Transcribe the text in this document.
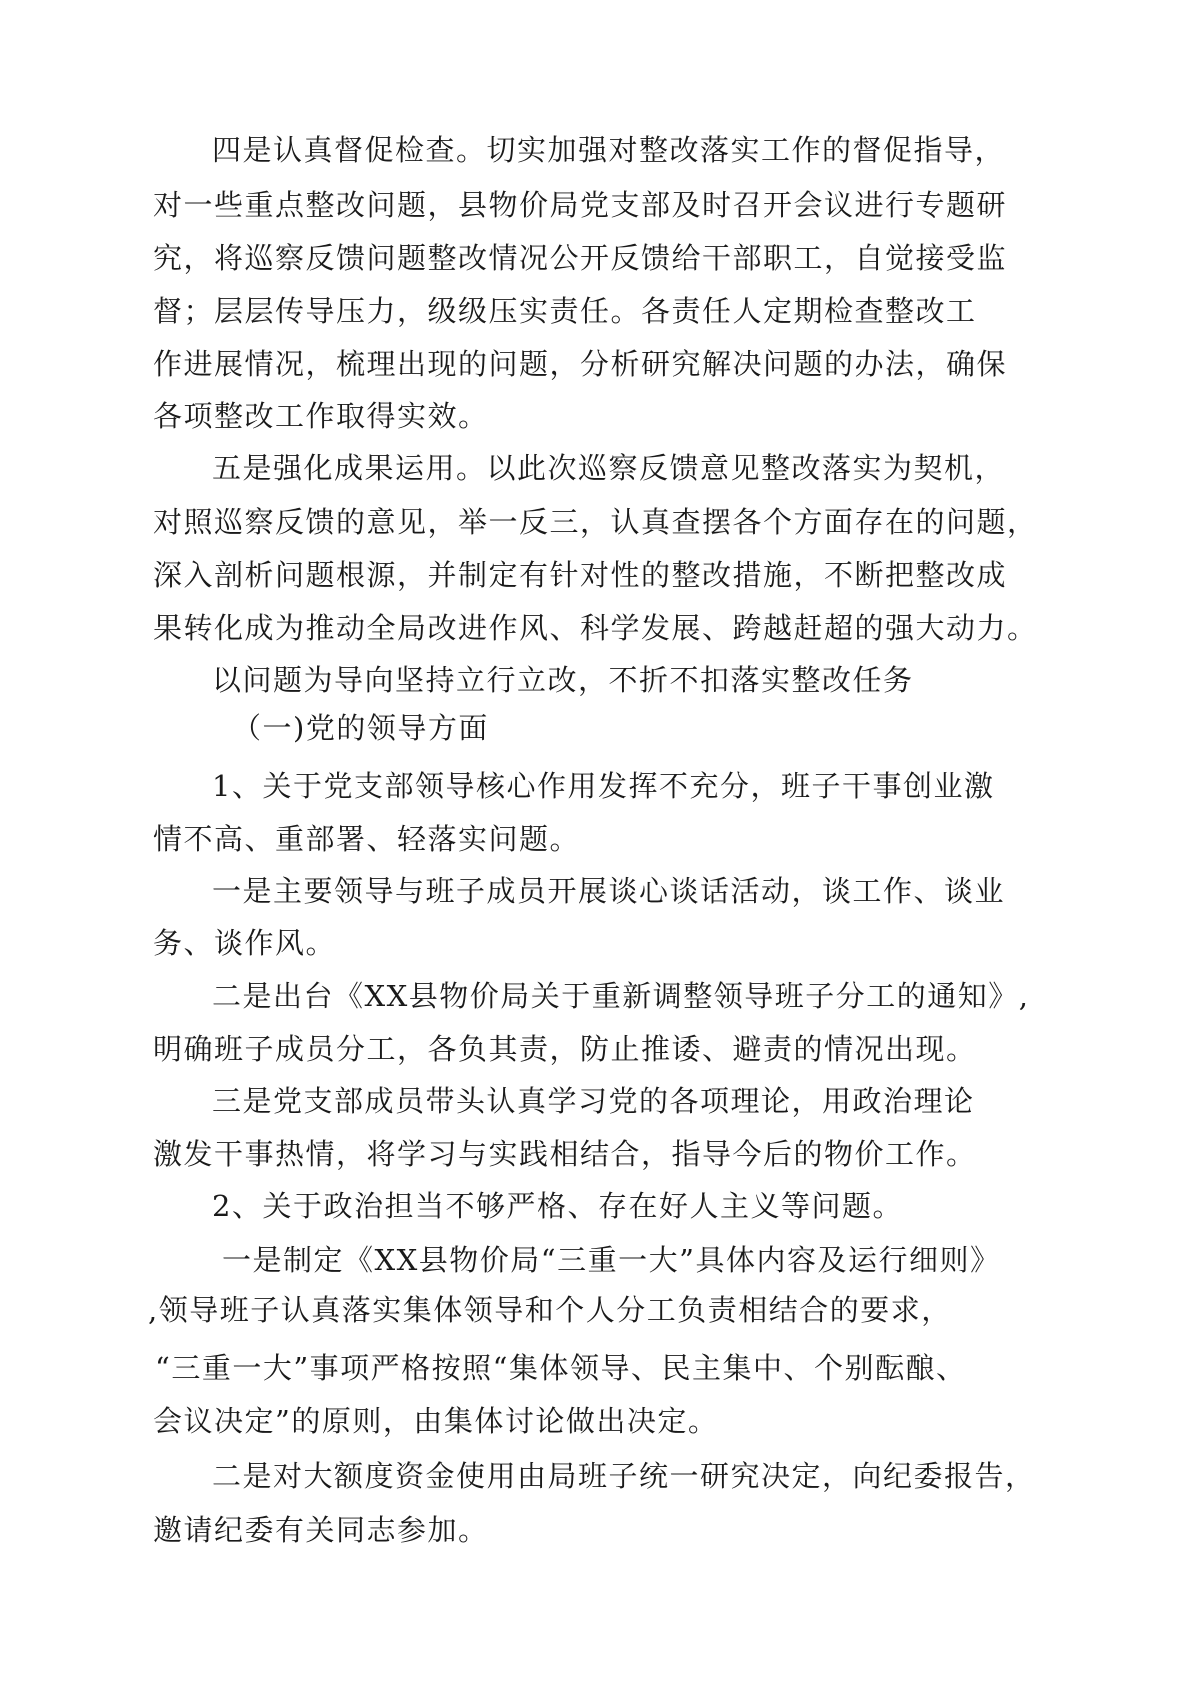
四是认真督促检查。切实加强对整改落实工作的督促指导，
对一些重点整改问题，县物价局党支部及时召开会议进行专题研
究，将巡察反馈问题整改情况公开反馈给干部职工，自觉接受监
督；层层传导压力，级级压实责任。各责任人定期检查整改工
作进展情况，梳理出现的问题，分析研究解决问题的办法，确保
各项整改工作取得实效。
五是强化成果运用。以此次巡察反馈意见整改落实为契机，
对照巡察反馈的意见，举一反三，认真查摆各个方面存在的问题，
深入剖析问题根源，并制定有针对性的整改措施，不断把整改成
果转化成为推动全局改进作风、科学发展、跨越赶超的强大动力。
以问题为导向坚持立行立改，不折不扣落实整改任务
（一)党的领导方面
1、关于党支部领导核心作用发挥不充分，班子干事创业激
情不高、重部署、轻落实问题。
一是主要领导与班子成员开展谈心谈话活动，谈工作、谈业
务、谈作风。
二是出台《XX县物价局关于重新调整领导班子分工的通知》,
明确班子成员分工，各负其责，防止推诿、避责的情况出现。
三是党支部成员带头认真学习党的各项理论，用政治理论
激发干事热情，将学习与实践相结合，指导今后的物价工作。
2、关于政治担当不够严格、存在好人主义等问题。
一是制定《XX县物价局“三重一大”具体内容及运行细则》
,领导班子认真落实集体领导和个人分工负责相结合的要求，
“三重一大”事项严格按照“集体领导、民主集中、个别酝酿、
会议决定”的原则，由集体讨论做出决定。
二是对大额度资金使用由局班子统一研究决定，向纪委报告，
邀请纪委有关同志参加。
